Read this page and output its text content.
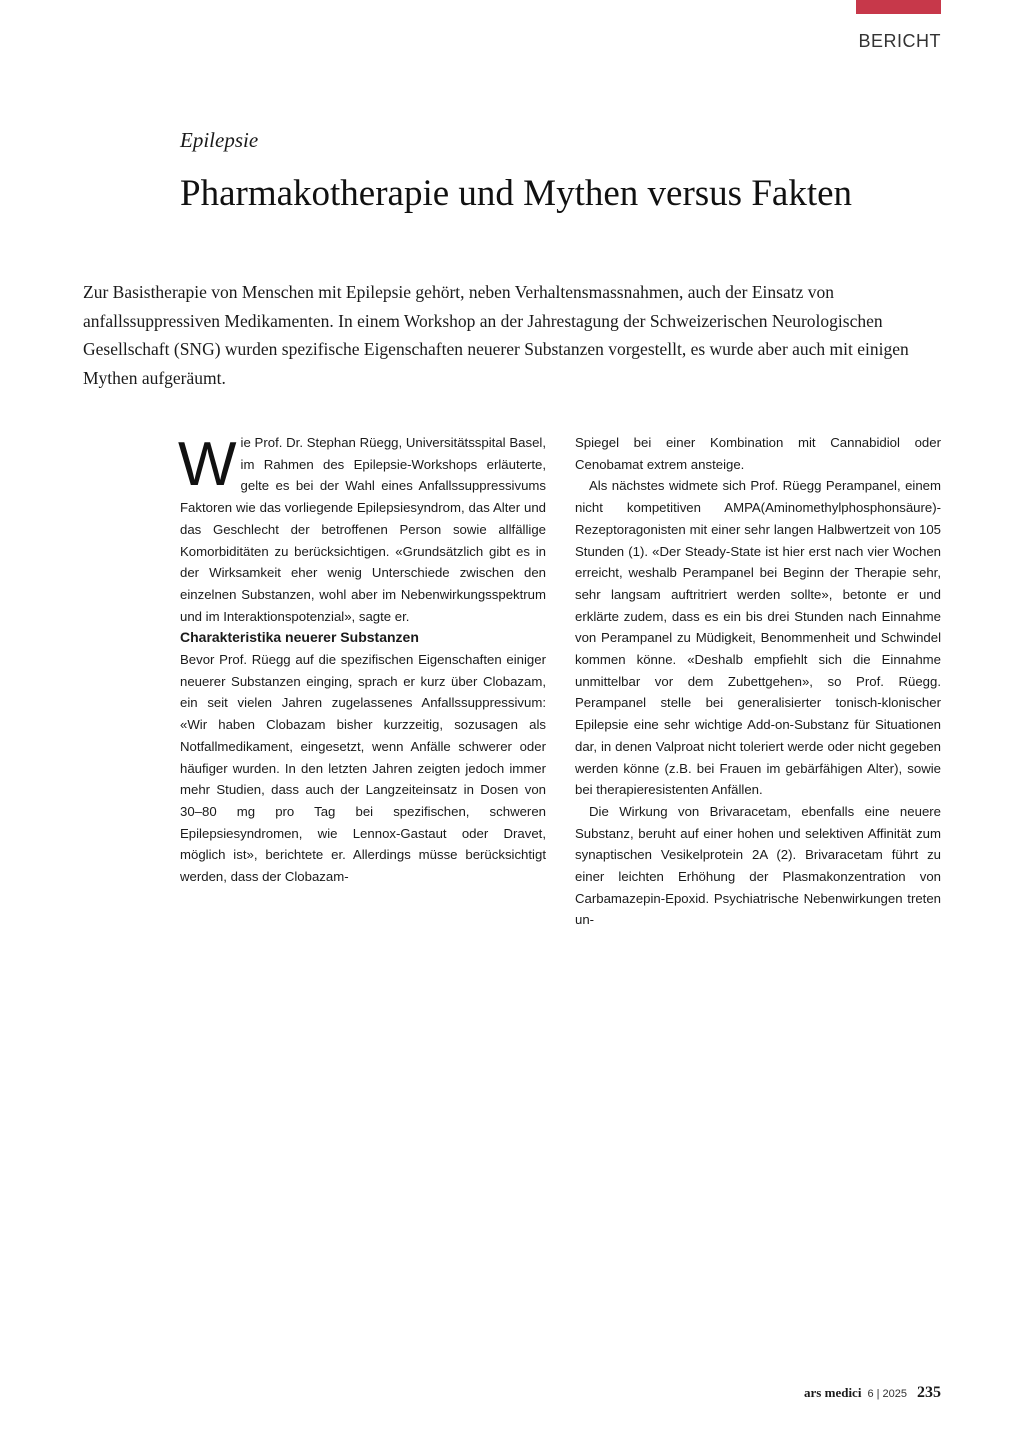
BERICHT
Epilepsie
Pharmakotherapie und Mythen versus Fakten

Zur Basistherapie von Menschen mit Epilepsie gehört, neben Verhaltensmassnahmen, auch der Einsatz von anfallssuppressiven Medikamenten. In einem Workshop an der Jahrestagung der Schweizerischen Neurologischen Gesellschaft (SNG) wurden spezifische Eigenschaften neuerer Substanzen vorgestellt, es wurde aber auch mit einigen Mythen aufgeräumt.

Wie Prof. Dr. Stephan Rüegg, Universitätsspital Basel, im Rahmen des Epilepsie-Workshops erläuterte, gelte es bei der Wahl eines Anfallssuppressivums Faktoren wie das vorliegende Epilepsiesyndrom, das Alter und das Geschlecht der betroffenen Person sowie allfällige Komorbiditäten zu berücksichtigen. «Grundsätzlich gibt es in der Wirksamkeit eher wenig Unterschiede zwischen den einzelnen Substanzen, wohl aber im Nebenwirkungsspektrum und im Interaktionspotenzial», sagte er.

Charakteristika neuerer Substanzen

Bevor Prof. Rüegg auf die spezifischen Eigenschaften einiger neuerer Substanzen einging, sprach er kurz über Clobazam, ein seit vielen Jahren zugelassenes Anfallssuppressivum: «Wir haben Clobazam bisher kurzzeitig, sozusagen als Notfallmedikament, eingesetzt, wenn Anfälle schwerer oder häufiger wurden. In den letzten Jahren zeigten jedoch immer mehr Studien, dass auch der Langzeiteinsatz in Dosen von 30–80 mg pro Tag bei spezifischen, schweren Epilepsiesyndromen, wie Lennox-Gastaut oder Dravet, möglich ist», berichtete er. Allerdings müsse berücksichtigt werden, dass der Clobazam-

Spiegel bei einer Kombination mit Cannabidiol oder Cenobamat extrem ansteige.

Als nächstes widmete sich Prof. Rüegg Perampanel, einem nicht kompetitiven AMPA(Aminomethylphosphonsäure)-Rezeptoragonisten mit einer sehr langen Halbwertzeit von 105 Stunden (1). «Der Steady-State ist hier erst nach vier Wochen erreicht, weshalb Perampanel bei Beginn der Therapie sehr, sehr langsam auftritriert werden sollte», betonte er und erklärte zudem, dass es ein bis drei Stunden nach Einnahme von Perampanel zu Müdigkeit, Benommenheit und Schwindel kommen könne. «Deshalb empfiehlt sich die Einnahme unmittelbar vor dem Zubettgehen», so Prof. Rüegg. Perampanel stelle bei generalisierter tonisch-klonischer Epilepsie eine sehr wichtige Add-on-Substanz für Situationen dar, in denen Valproat nicht toleriert werde oder nicht gegeben werden könne (z.B. bei Frauen im gebärfähigen Alter), sowie bei therapieresistenten Anfällen.

Die Wirkung von Brivaracetam, ebenfalls eine neuere Substanz, beruht auf einer hohen und selektiven Affinität zum synaptischen Vesikelprotein 2A (2). Brivaracetam führt zu einer leichten Erhöhung der Plasmakonzentration von Carbamazepin-Epoxid. Psychiatrische Nebenwirkungen treten un-

ars medici 6 | 2025 235
